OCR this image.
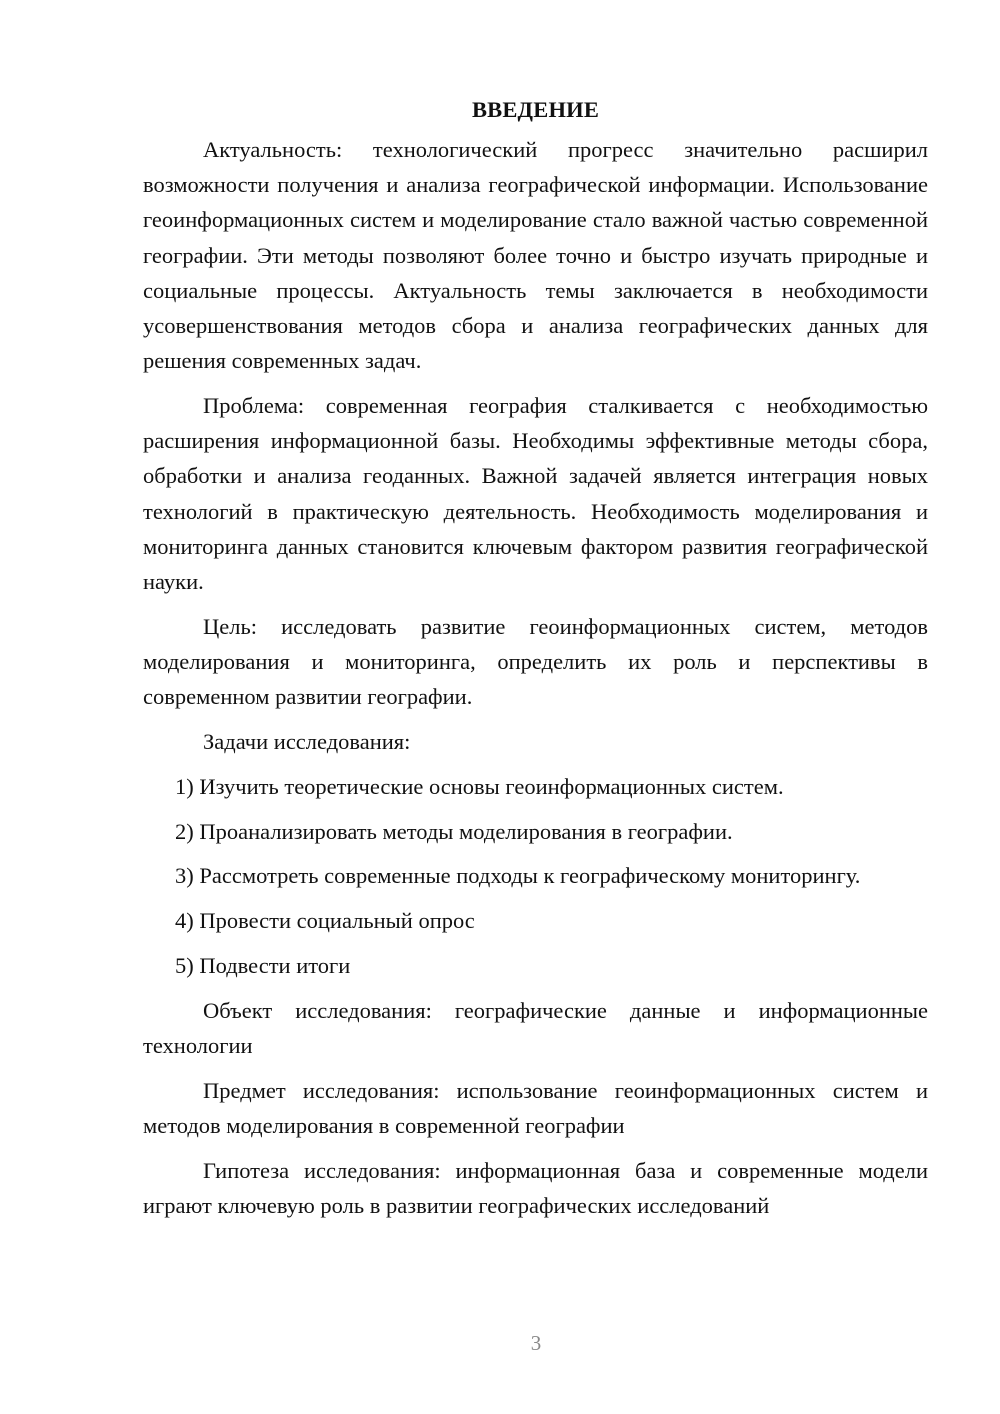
ВВЕДЕНИЕ

Актуальность: технологический прогресс значительно расширил возможности получения и анализа географической информации. Использование геоинформационных систем и моделирование стало важной частью современной географии. Эти методы позволяют более точно и быстро изучать природные и социальные процессы. Актуальность темы заключается в необходимости усовершенствования методов сбора и анализа географических данных для решения современных задач.

Проблема: современная география сталкивается с необходимостью расширения информационной базы. Необходимы эффективные методы сбора, обработки и анализа геоданных. Важной задачей является интеграция новых технологий в практическую деятельность. Необходимость моделирования и мониторинга данных становится ключевым фактором развития географической науки.

Цель: исследовать развитие геоинформационных систем, методов моделирования и мониторинга, определить их роль и перспективы в современном развитии географии.

Задачи исследования:

1) Изучить теоретические основы геоинформационных систем.

2) Проанализировать методы моделирования в географии.

3) Рассмотреть современные подходы к географическому мониторингу.

4) Провести социальный опрос

5) Подвести итоги

Объект исследования: географические данные и информационные технологии

Предмет исследования: использование геоинформационных систем и методов моделирования в современной географии

Гипотеза исследования: информационная база и современные модели играют ключевую роль в развитии географических исследований

3
